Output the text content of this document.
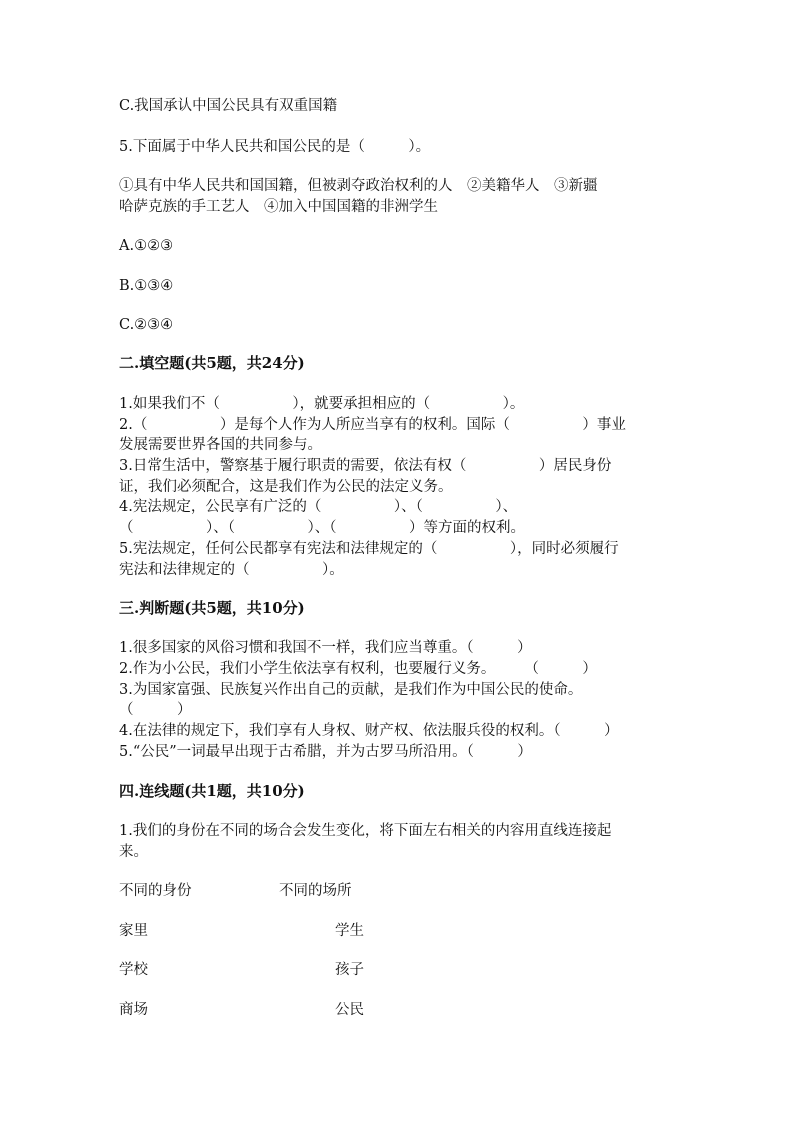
C.我国承认中国公民具有双重国籍
5.下面属于中华人民共和国公民的是（　　　）。
①具有中华人民共和国国籍，但被剥夺政治权利的人　②美籍华人　③新疆
哈萨克族的手工艺人　④加入中国国籍的非洲学生
A.①②③
B.①③④
C.②③④
二.填空题(共5题，共24分)
1.如果我们不（　　　　　），就要承担相应的（　　　　　）。
2.（　　　　　）是每个人作为人所应当享有的权利。国际（　　　　　）事业
发展需要世界各国的共同参与。
3.日常生活中，警察基于履行职责的需要，依法有权（　　　　　）居民身份
证，我们必须配合，这是我们作为公民的法定义务。
4.宪法规定，公民享有广泛的（　　　　　）、（　　　　　）、
（　　　　　）、（　　　　　）、（　　　　　）等方面的权利。
5.宪法规定，任何公民都享有宪法和法律规定的（　　　　　），同时必须履行
宪法和法律规定的（　　　　　）。
三.判断题(共5题，共10分)
1.很多国家的风俗习惯和我国不一样，我们应当尊重。（　　　）
2.作为小公民，我们小学生依法享有权利，也要履行义务。　　　（　　　）
3.为国家富强、民族复兴作出自己的贡献，是我们作为中国公民的使命。
（　　　）
4.在法律的规定下，我们享有人身权、财产权、依法服兵役的权利。（　　　）
5.“公民”一词最早出现于古希腊，并为古罗马所沿用。（　　　）
四.连线题(共1题，共10分)
1.我们的身份在不同的场合会发生变化，将下面左右相关的内容用直线连接起
来。
不同的身份	不同的场所
家里	学生
学校	孩子
商场	公民
